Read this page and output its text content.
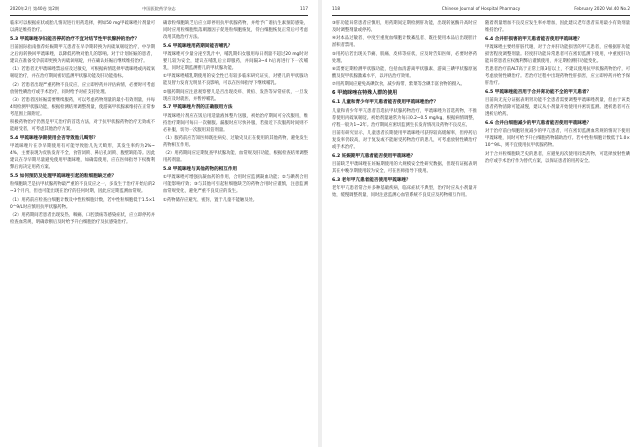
2020年2月 第40卷 第2期	中国医院药学杂志	117

临床可以根据症状或胎儿情况进行用药选择，例如50 mg甲硫咪唑片剂量可以满足维持治疗。

5.3 甲巯咪唑孕妇能否停药治疗不宜对结节性甲状腺肿的治疗？

目前国际指南推荐妊娠期甲亢患者在早孕期转换为丙硫氧嘧啶治疗，中孕期之后再转换回甲巯咪唑，以降低药物对胎儿的影响。对于计划妊娠的患者，建议在准备受孕前即更换为丙硫氧嘧啶，并在确认妊娠后继续维持治疗。

（1）若患者无甲巯咪唑禁忌症及过敏史，可根据病情选择甲巯咪唑或丙硫氧嘧啶治疗，并在治疗期间密切监测甲状腺功能及肝功能指标。

（2）若患者出现严重药物不良反应，应立即停药并评估病情，必要时可考虑放射性碘治疗或手术治疗，同时给予对症支持处理。

（3）若患者因妊娠需要继续服药，可以考虑药物剂量的最小有效剂量，并每4周检测甲状腺功能，根据检测结果调整剂量，使游离甲状腺素维持在正常参考范围上限附近。

积极药物治疗仍然是甲亢治疗的首选方法，对于抗甲状腺药物治疗无效或不能耐受者，可考虑其他治疗方案。

5.4 甲巯咪唑孕期使用会否导致胎儿畸形？

甲巯咪唑片在孕早期使用有可能导致胎儿先天畸形，其发生率约为2%~4%，主要表现为皮肤发育不全、食管闭锁、鼻后孔闭锁、腹壁缺陷等。因此建议在孕早期尽量避免使用甲巯咪唑，如确需使用，应在医师指导下权衡利弊后再决定用药方案。

5.5 如何预防及处理甲巯咪唑引起的粒细胞缺乏症？

粒细胞缺乏是抗甲状腺药物最严重的不良反应之一，多发生于治疗开始后的2~3个月内，但也可能出现在治疗的任何时期，因此应定期监测血常规。

（1）用药前应检查白细胞计数及中性粒细胞计数，若中性粒细胞低于1.5×10^9/L时应慎用抗甲状腺药物。

（2）用药期间若患者出现发热、咽痛、口腔溃疡等感染症状，应立即停药并检查血常规，明确诊断后及时给予升白细胞治疗及抗感染治疗。

确诊粒细胞缺乏后应立即停用抗甲状腺药物，并给予广谱抗生素预防感染，同时应用粒细胞集落刺激因子促进粒细胞恢复，待白细胞恢复正常后可考虑改用其他治疗方法。

5.6 甲巯咪唑用药期间能否哺乳？

甲巯咪唑可少量分泌至乳汁中，哺乳期妇女服用每日剂量不超过20 mg时对婴儿较为安全，建议在哺乳后立即服药，并间隔3~4 h后再进行下一次哺乳，同时定期监测婴儿的甲状腺功能。

①甲巯咪唑哺乳期使用的安全性已有较多临床研究证实，对婴儿的甲状腺功能及智力发育无明显不良影响，可以在医师指导下继续哺乳。

②服药期间应注意观察婴儿是否出现皮疹、黄疸、发热等异常症状，一旦发现应及时就医，并暂停哺乳。

5.7 甲巯咪唑片剂的正确服用方法

甲巯咪唑片剂应在饭后用适量液体整片送服，初始治疗期间可分次服用，维持治疗期间可每日一次顿服。漏服时应尽快补服，若接近下次服药时间则不必补服，切勿一次服用双倍剂量。

（1）服药前应告知医师既往病史、过敏史及正在使用的其他药物，避免发生药物相互作用。

（2）用药期间应定期复查甲状腺功能、血常规及肝功能，根据检查结果调整用药剂量。

5.8 甲巯咪唑与其他药物的相互作用

①甲巯咪唑可增强抗凝血药的作用，合用时应监测凝血功能；②与碘剂合用可能影响疗效；③与其他可引起粒细胞缺乏的药物合用时应谨慎，注意监测血常规变化，避免严重不良反应的发生。

①药物储存应避光、密封，置于儿童不能触及处。

118	Chinese Journal of Hospital Pharmacy	February 2020 Vol.40 No.2

③肝功能异常患者应慎用，用药期间定期检测肝功能，出现转氨酶升高时应及时调整剂量或停药。

④对本品过敏者、中度至重度血细胞计数紊乱者、既往使用本品后出现胆汁淤积者禁用。

⑤用药后若出现关节痛、肌痛、皮疹等症状，应及时告知医师，必要时停药处理。

⑥需要定期检测甲状腺功能，包括血清游离甲状腺素、游离三碘甲状腺原氨酸及促甲状腺激素水平，以评估治疗效果。

⑦用药期间应避免高碘饮食，减少海带、紫菜等含碘丰富食物的摄入。

6 甲巯咪唑在特殊人群的使用
6.1 儿童和青少年甲亢患者能否使用甲巯咪唑治疗？

儿童和青少年甲亢患者首选抗甲状腺药物治疗，甲巯咪唑为首选药物，不推荐使用丙硫氧嘧啶。初始剂量通常为每日0.2~0.5 mg/kg，根据病情调整，疗程一般为1~2年。治疗期间应密切监测生长发育情况及药物不良反应。

目前有研究显示，儿童患者长期使用甲巯咪唑可获得较高缓解率，但停药后复发率仍较高，对于复发或不能耐受药物治疗的患儿，可考虑放射性碘治疗或手术治疗。

6.2 妊娠期甲亢患者能否使用甲巯咪唑？

目前缺乏甲巯咪唑在妊娠期使用的大规模安全性研究数据，但现有证据表明其在中晚孕期使用较为安全，可在医师指导下使用。

6.3 老年甲亢患者能否使用甲巯咪唑？

老年甲亢患者常合并多种基础疾病，临床症状不典型，治疗时应从小剂量开始，缓慢调整剂量，同时注意监测心血管系统不良反应及药物相互作用。

随着剂量增加不良反应发生率亦增加，因此建议老年患者采用最小有效剂量维持治疗。

6.4 合并肝损害的甲亢患者能否使用甲巯咪唑？

甲巯咪唑主要经肝脏代谢，对于合并肝功能损害的甲亢患者，应根据肝功能损害程度调整剂量。轻度肝功能异常患者可在密切监测下使用，中重度肝功能异常患者应权衡利弊后谨慎使用，并定期检测肝功能变化。

若患者治疗前ALT高于正常上限3倍以上，不建议使用抗甲状腺药物治疗，可考虑放射性碘治疗。若治疗过程中出现药物性肝损害，应立即停药并给予保肝治疗。

6.5 甲巯咪唑能否用于合并肾功能不全的甲亢患者？

目前尚无充分证据表明肾功能不全患者需要调整甲巯咪唑剂量，但由于该类患者药物清除可能减慢，建议从小剂量开始使用并密切监测。透析患者可在透析后给药。

6.6 合并白细胞减少的甲亢患者能否使用甲巯咪唑？

对于治疗前白细胞轻度减少的甲亢患者，可在密切监测血常规的情况下使用甲巯咪唑，同时可给予升白细胞药物辅助治疗。若中性粒细胞计数低于1.0×10^9/L，则不宜使用抗甲状腺药物。

对于合并粒细胞缺乏史的患者，应避免再次使用同类药物，可选择放射性碘治疗或手术治疗作为替代方案，以保证患者的用药安全。
